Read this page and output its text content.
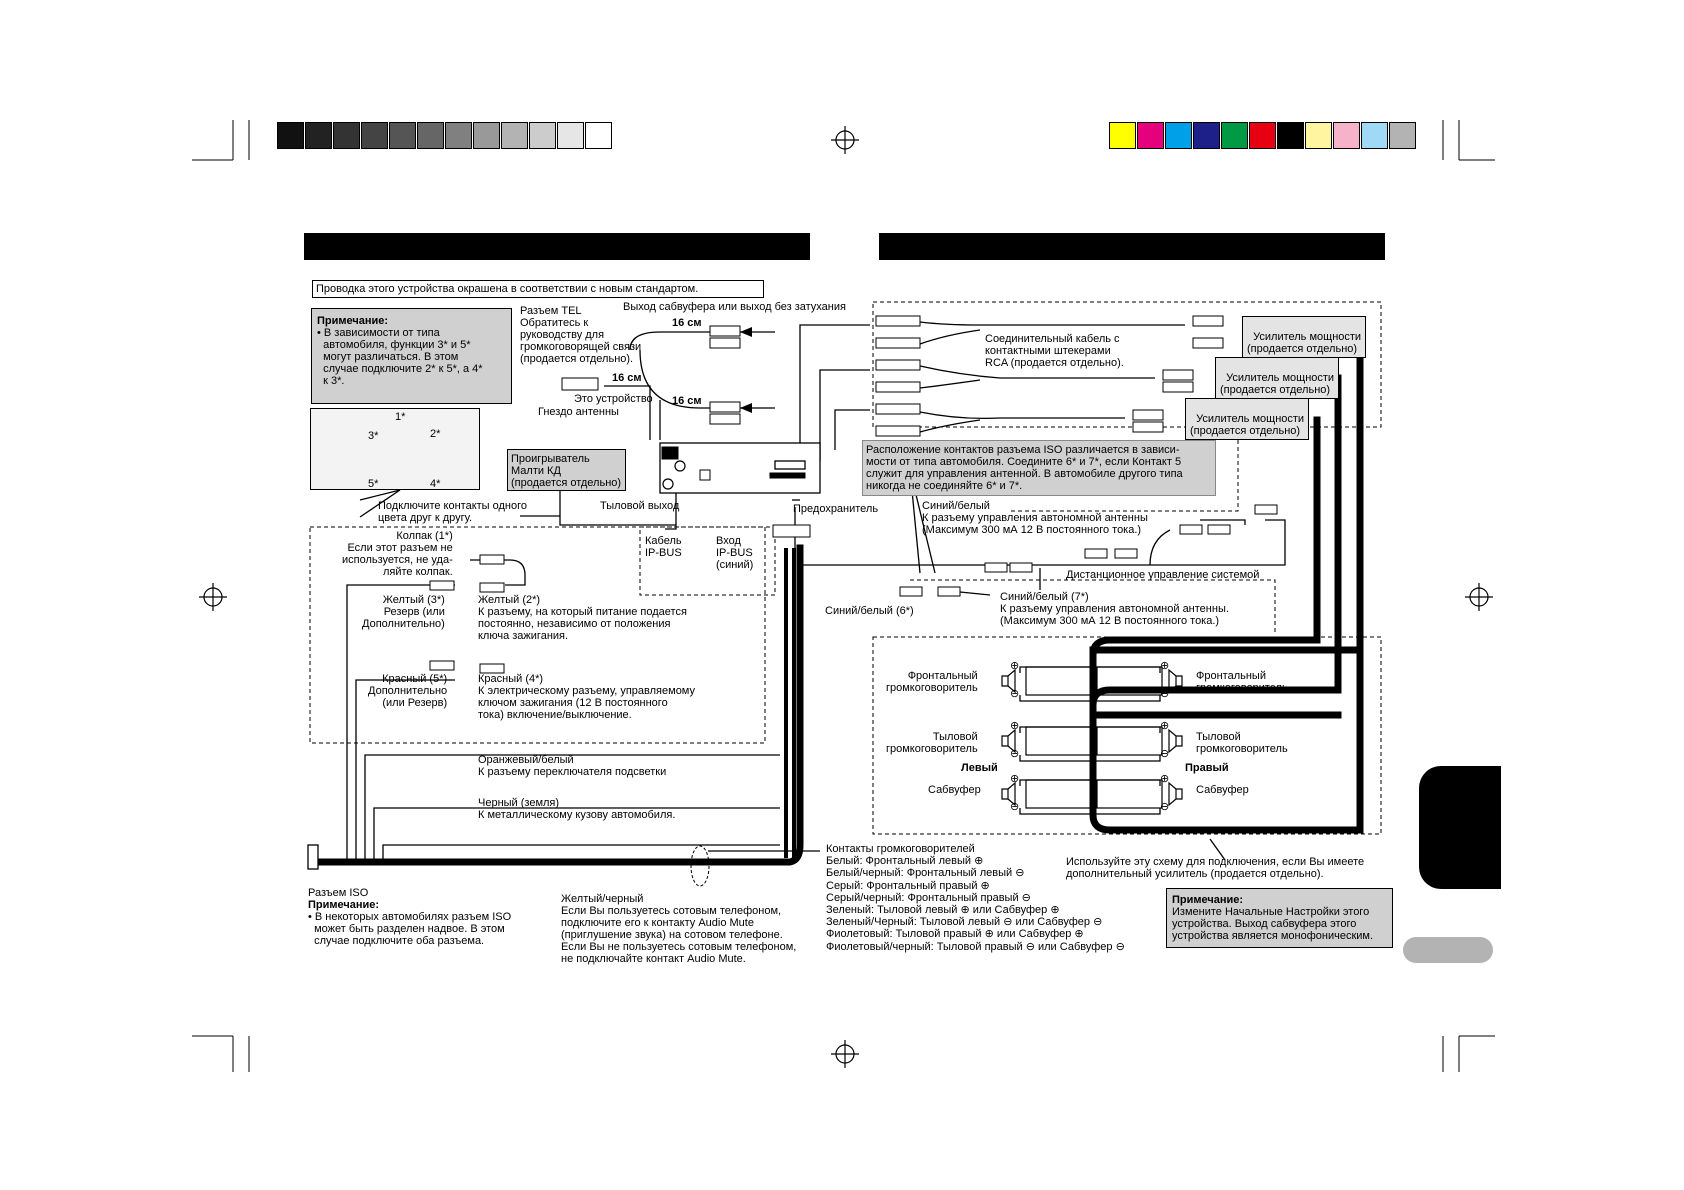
Проводка этого устройства окрашена в соответствии с новым стандартом.
Примечание:
• В зависимости от типа
автомобиля, функции 3* и 5*
могут различаться. В этом
случае подключите 2* к 5*, а 4*
к 3*.
1*
2*
3*
4*
5*
Разъем TEL
Обратитесь к
руководству для
громкоговорящей связи
(продается отдельно).
Выход сабвуфера или выход без затухания
16 см
16 см
16 см
Это устройство
Гнездо антенны
Проигрыватель
Малти КД
(продается отдельно)
Тыловой выход	Предохранитель
Кабель
IP-BUS
Вход
IP-BUS
(синий)
Соединительный кабель с
контактными штекерами
RCA (продается отдельно).

Усилитель мощности
(продается отдельно)

Усилитель мощности
(продается отдельно)

Усилитель мощности
(продается отдельно)

Расположение контактов разъема ISO различается в зависи-
мости от типа автомобиля. Соедините 6* и 7*, если Контакт 5
служит для управления антенной. В автомобиле другого типа
никогда не соединяйте 6* и 7*.
Подключите контакты одного
цвета друг к другу.
Колпак (1*)
Если этот разъем не
используется, не уда-
ляйте колпак.
Желтый (3*)
Резерв (или
Дополнительно)
Желтый (2*)
К разъему, на который питание подается
постоянно, независимо от положения
ключа зажигания.
Красный (5*)
Дополнительно
(или Резерв)
Красный (4*)
К электрическому разъему, управляемому
ключом зажигания (12 В постоянного
тока) включение/выключение.
Оранжевый/белый
К разъему переключателя подсветки
Черный (земля)
К металлическому кузову автомобиля.
Синий/белый
К разъему управления автономной антенны
(Максимум 300 мА 12 В постоянного тока.)
Дистанционное управление системой
Синий/белый (6*)
Синий/белый (7*)
К разъему управления автономной антенны.
(Максимум 300 мА 12 В постоянного тока.)
Фронтальный
громкоговоритель
Фронтальный
громкоговоритель
Тыловой
громкоговоритель
Тыловой
громкоговоритель
Левый	Правый
Сабвуфер	Сабвуфер
⊕
⊖
⊕
⊖
⊕
⊖
⊕
⊖
⊕
⊖
⊕
⊖
Разъем ISO
Примечание:
• В некоторых автомобилях разъем ISO
может быть разделен надвое. В этом
случае подключите оба разъема.
Желтый/черный
Если Вы пользуетесь сотовым телефоном,
подключите его к контакту Audio Mute
(приглушение звука) на сотовом телефоне.
Если Вы не пользуетесь сотовым телефоном,
не подключайте контакт Audio Mute.
Контакты громкоговорителей
Белый: Фронтальный левый ⊕
Белый/черный: Фронтальный левый ⊖
Серый: Фронтальный правый ⊕
Серый/черный: Фронтальный правый ⊖
Зеленый: Тыловой левый ⊕ или Сабвуфер ⊕
Зеленый/Черный: Тыловой левый ⊖ или Сабвуфер ⊖
Фиолетовый: Тыловой правый ⊕ или Сабвуфер ⊕
Фиолетовый/черный: Тыловой правый ⊖ или Сабвуфер ⊖
Используйте эту схему для подключения, если Вы имеете
дополнительный усилитель (продается отдельно).
Примечание:
Измените Начальные Настройки этого
устройства. Выход сабвуфера этого
устройства является монофоническим.
